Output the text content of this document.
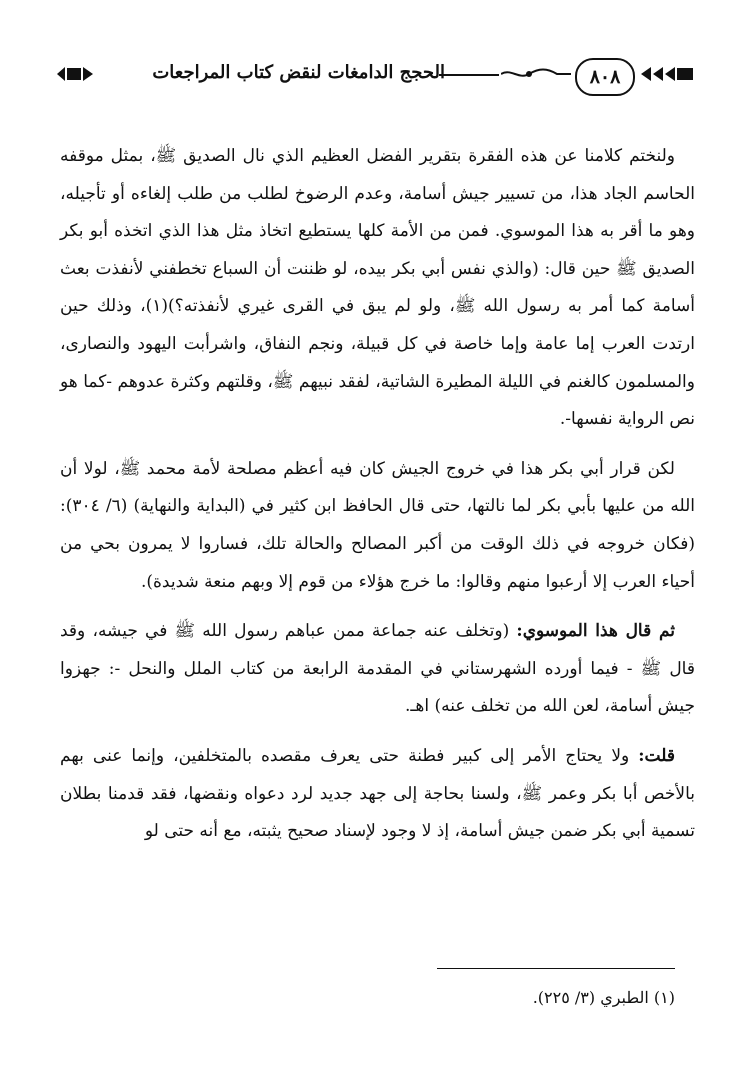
٨٠٨
الحجج الدامغات لنقض كتاب المراجعات

ولنختم كلامنا عن هذه الفقرة بتقرير الفضل العظيم الذي نال الصديق ﷺ، بمثل موقفه الحاسم الجاد هذا، من تسيير جيش أسامة، وعدم الرضوخ لطلب من طلب إلغاءه أو تأجيله، وهو ما أقر به هذا الموسوي. فمن من الأمة كلها يستطيع اتخاذ مثل هذا الذي اتخذه أبو بكر الصديق ﷺ حين قال: (والذي نفس أبي بكر بيده، لو ظننت أن السباع تخطفني لأنفذت بعث أسامة كما أمر به رسول الله ﷺ، ولو لم يبق في القرى غيري لأنفذته؟)(١)، وذلك حين ارتدت العرب إما عامة وإما خاصة في كل قبيلة، ونجم النفاق، واشرأبت اليهود والنصارى، والمسلمون كالغنم في الليلة المطيرة الشاتية، لفقد نبيهم ﷺ، وقلتهم وكثرة عدوهم -كما هو نص الرواية نفسها-.

لكن قرار أبي بكر هذا في خروج الجيش كان فيه أعظم مصلحة لأمة محمد ﷺ، لولا أن الله من عليها بأبي بكر لما نالتها، حتى قال الحافظ ابن كثير في (البداية والنهاية) (٦/ ٣٠٤): (فكان خروجه في ذلك الوقت من أكبر المصالح والحالة تلك، فساروا لا يمرون بحي من أحياء العرب إلا أرعبوا منهم وقالوا: ما خرج هؤلاء من قوم إلا وبهم منعة شديدة).

ثم قال هذا الموسوي: (وتخلف عنه جماعة ممن عباهم رسول الله ﷺ في جيشه، وقد قال ﷺ - فيما أورده الشهرستاني في المقدمة الرابعة من كتاب الملل والنحل -: جهزوا جيش أسامة، لعن الله من تخلف عنه) اهـ.

قلت: ولا يحتاج الأمر إلى كبير فطنة حتى يعرف مقصده بالمتخلفين، وإنما عنى بهم بالأخص أبا بكر وعمر ﷺ، ولسنا بحاجة إلى جهد جديد لرد دعواه ونقضها، فقد قدمنا بطلان تسمية أبي بكر ضمن جيش أسامة، إذ لا وجود لإسناد صحيح يثبته، مع أنه حتى لو

(١) الطبري (٣/ ٢٢٥).
